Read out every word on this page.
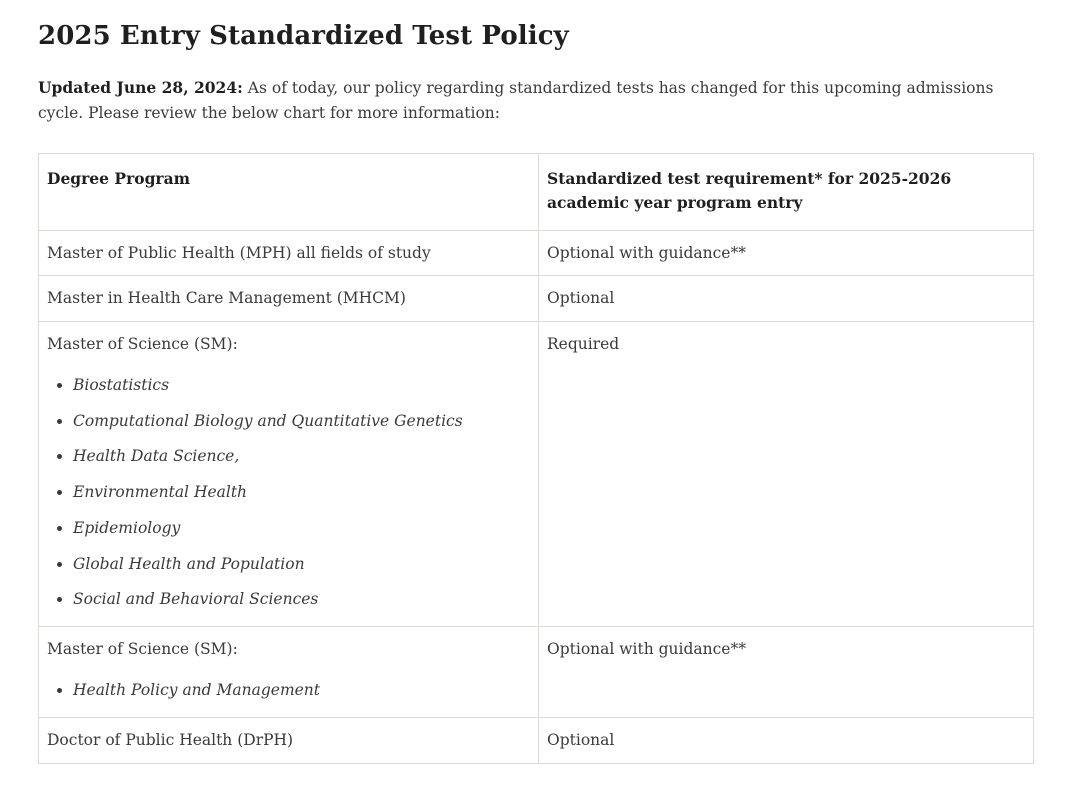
2025 Entry Standardized Test Policy

Updated June 28, 2024: As of today, our policy regarding standardized tests has changed for this upcoming admissions cycle. Please review the below chart for more information:

Degree Program	Standardized test requirement* for 2025-2026 academic year program entry

Master of Public Health (MPH) all fields of study	Optional with guidance**

Master in Health Care Management (MHCM)	Optional

Master of Science (SM):
• Biostatistics
• Computational Biology and Quantitative Genetics
• Health Data Science,
• Environmental Health
• Epidemiology
• Global Health and Population
• Social and Behavioral Sciences
	Required

Master of Science (SM):
• Health Policy and Management
	Optional with guidance**

Doctor of Public Health (DrPH)	Optional
